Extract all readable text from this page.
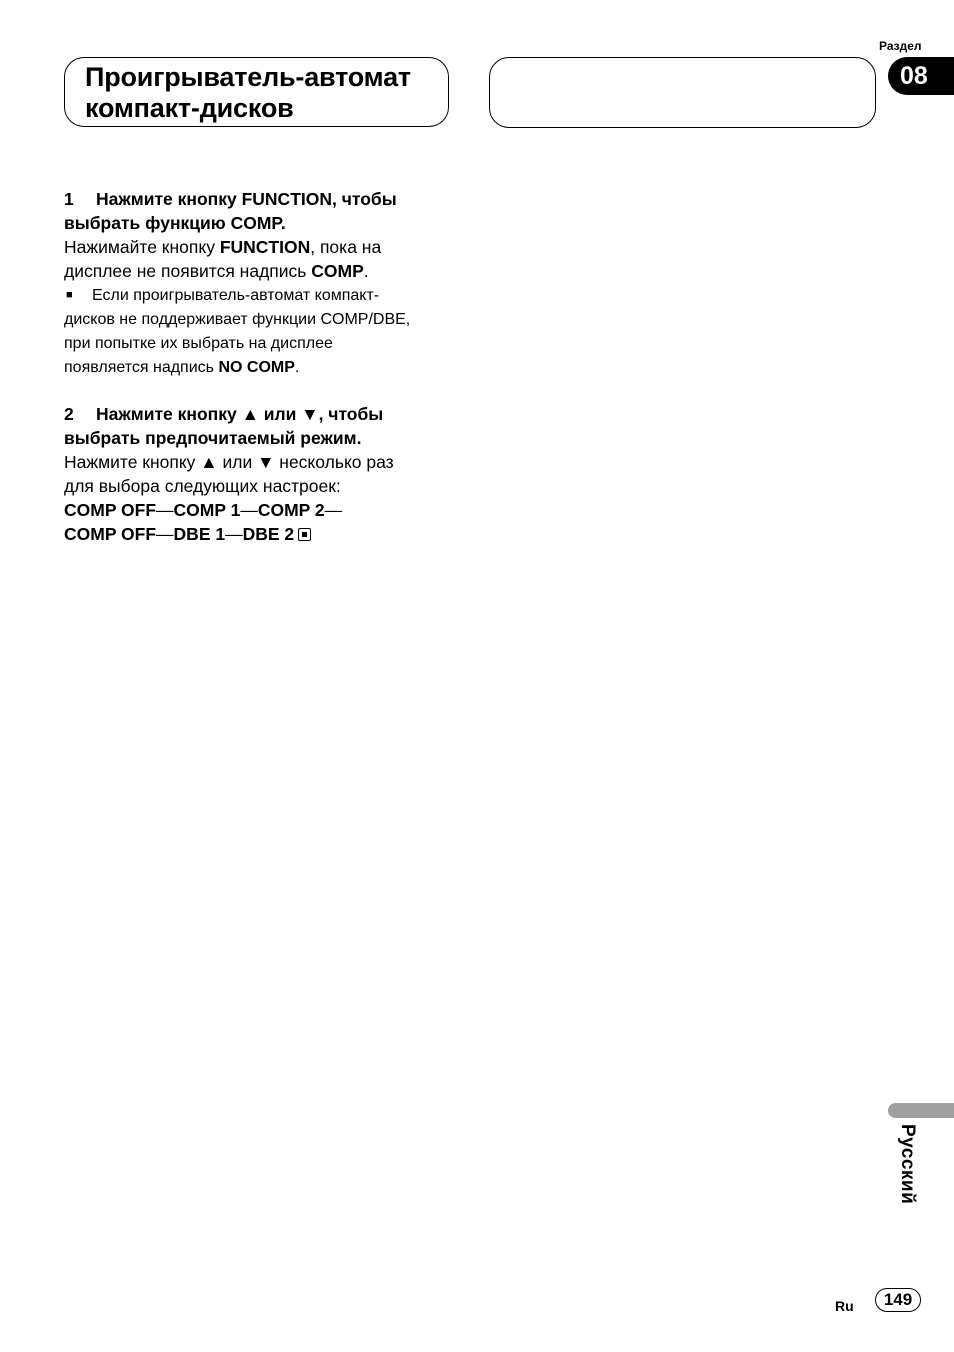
Проигрыватель-автомат
компакт-дисков
Раздел
08

1 Нажмите кнопку FUNCTION, чтобы
выбрать функцию COMP.

Нажимайте кнопку FUNCTION, пока на
дисплее не появится надпись COMP.

■ Если проигрыватель-автомат компакт-
дисков не поддерживает функции COMP/DBE,
при попытке их выбрать на дисплее
появляется надпись NO COMP.

2 Нажмите кнопку ▲ или ▼, чтобы
выбрать предпочитаемый режим.

Нажмите кнопку ▲ или ▼ несколько раз
для выбора следующих настроек:
COMP OFF—COMP 1—COMP 2—
COMP OFF—DBE 1—DBE 2

Русский
Ru	149
